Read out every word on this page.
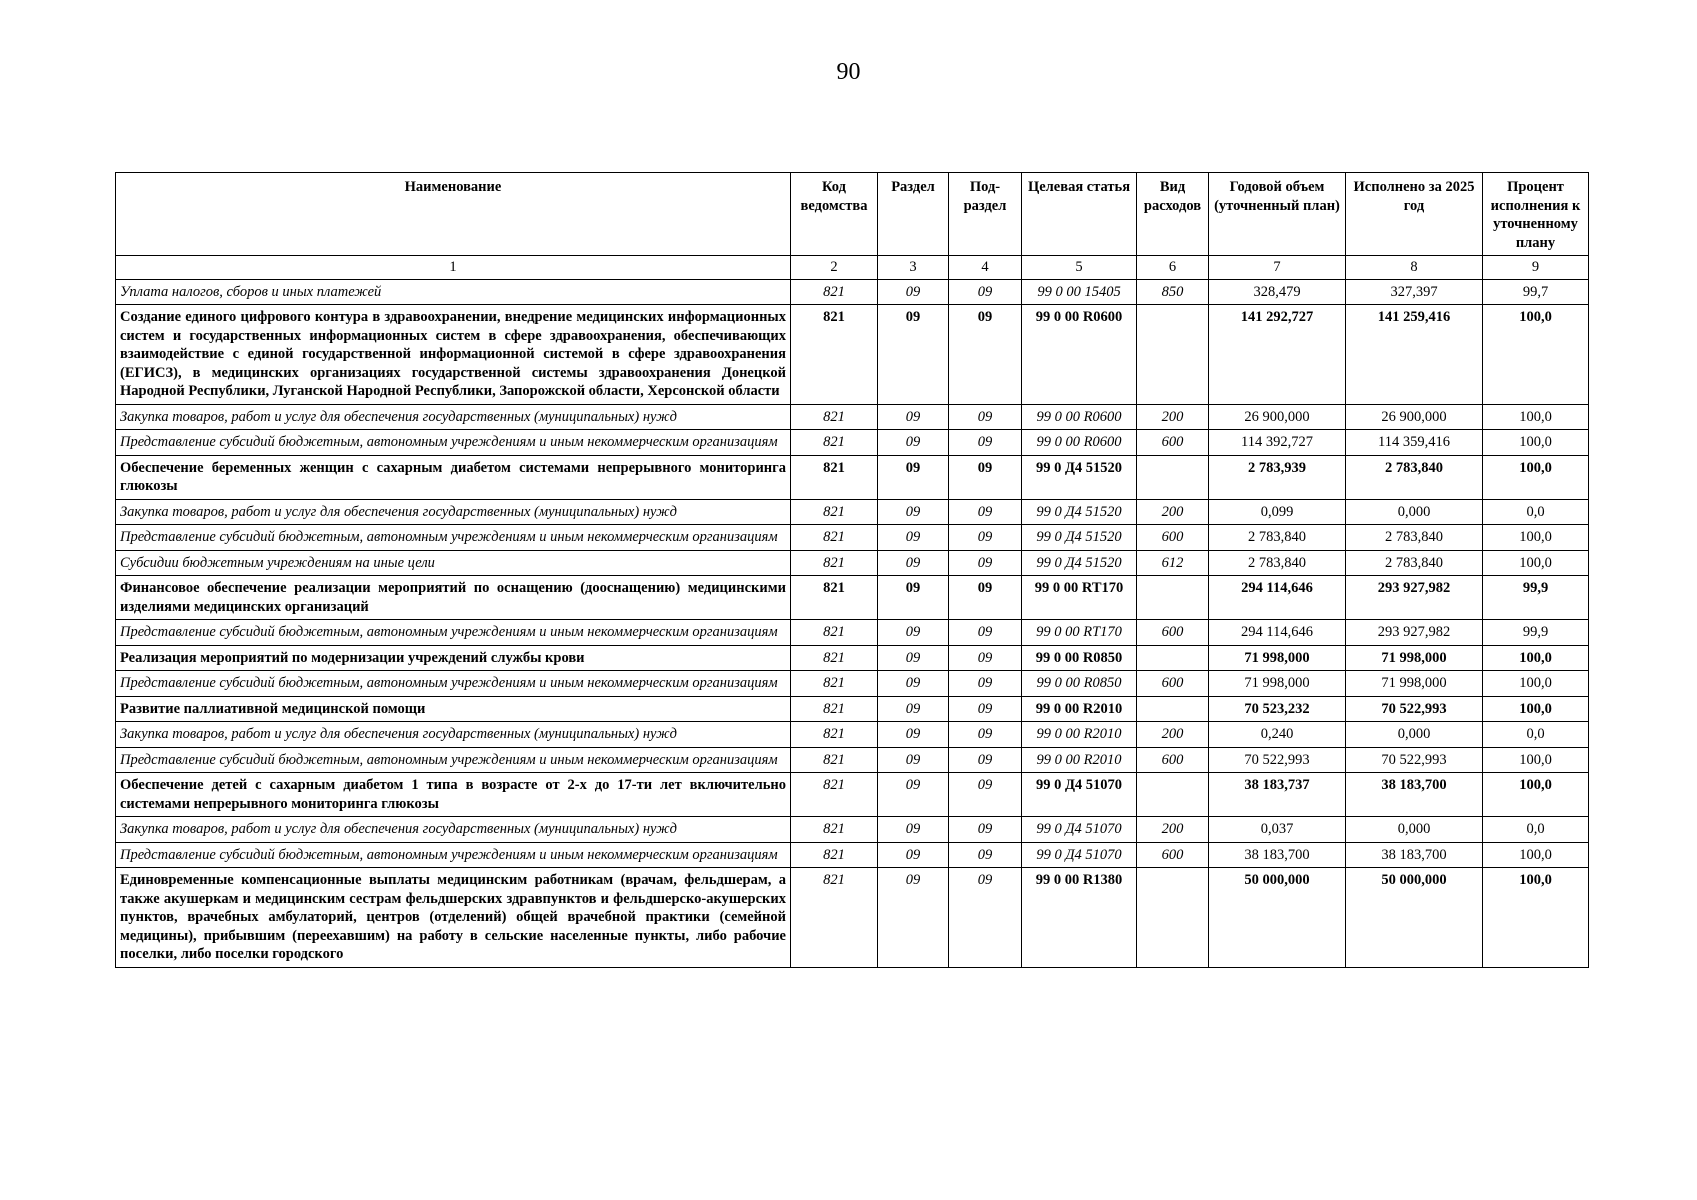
90
Наименование	Код ведомства	Раздел	Под-раздел	Целевая статья	Вид расходов	Годовой объем (уточненный план)	Исполнено за 2025 год	Процент исполнения к уточненному плану
1	2	3	4	5	6	7	8	9
Уплата налогов, сборов и иных платежей	821	09	09	99 0 00 15405	850	328,479	327,397	99,7
Создание единого цифрового контура в здравоохранении, внедрение медицинских информационных систем и государственных информационных систем в сфере здравоохранения, обеспечивающих взаимодействие с единой государственной информационной системой в сфере здравоохранения (ЕГИСЗ), в медицинских организациях государственной системы здравоохранения Донецкой Народной Республики, Луганской Народной Республики, Запорожской области, Херсонской области	821	09	09	99 0 00 R0600		141 292,727	141 259,416	100,0
Закупка товаров, работ и услуг для обеспечения государственных (муниципальных) нужд	821	09	09	99 0 00 R0600	200	26 900,000	26 900,000	100,0
Представление субсидий бюджетным, автономным учреждениям и иным некоммерческим организациям	821	09	09	99 0 00 R0600	600	114 392,727	114 359,416	100,0
Обеспечение беременных женщин с сахарным диабетом системами непрерывного мониторинга глюкозы	821	09	09	99 0 Д4 51520		2 783,939	2 783,840	100,0
Закупка товаров, работ и услуг для обеспечения государственных (муниципальных) нужд	821	09	09	99 0 Д4 51520	200	0,099	0,000	0,0
Представление субсидий бюджетным, автономным учреждениям и иным некоммерческим организациям	821	09	09	99 0 Д4 51520	600	2 783,840	2 783,840	100,0
Субсидии бюджетным учреждениям на иные цели	821	09	09	99 0 Д4 51520	612	2 783,840	2 783,840	100,0
Финансовое обеспечение реализации мероприятий по оснащению (дооснащению) медицинскими изделиями медицинских организаций	821	09	09	99 0 00 RT170		294 114,646	293 927,982	99,9
Представление субсидий бюджетным, автономным учреждениям и иным некоммерческим организациям	821	09	09	99 0 00 RT170	600	294 114,646	293 927,982	99,9
Реализация мероприятий по модернизации учреждений службы крови	821	09	09	99 0 00 R0850		71 998,000	71 998,000	100,0
Представление субсидий бюджетным, автономным учреждениям и иным некоммерческим организациям	821	09	09	99 0 00 R0850	600	71 998,000	71 998,000	100,0
Развитие паллиативной медицинской помощи	821	09	09	99 0 00 R2010		70 523,232	70 522,993	100,0
Закупка товаров, работ и услуг для обеспечения государственных (муниципальных) нужд	821	09	09	99 0 00 R2010	200	0,240	0,000	0,0
Представление субсидий бюджетным, автономным учреждениям и иным некоммерческим организациям	821	09	09	99 0 00 R2010	600	70 522,993	70 522,993	100,0
Обеспечение детей с сахарным диабетом 1 типа в возрасте от 2-х до 17-ти лет включительно системами непрерывного мониторинга глюкозы	821	09	09	99 0 Д4 51070		38 183,737	38 183,700	100,0
Закупка товаров, работ и услуг для обеспечения государственных (муниципальных) нужд	821	09	09	99 0 Д4 51070	200	0,037	0,000	0,0
Представление субсидий бюджетным, автономным учреждениям и иным некоммерческим организациям	821	09	09	99 0 Д4 51070	600	38 183,700	38 183,700	100,0
Единовременные компенсационные выплаты медицинским работникам (врачам, фельдшерам, а также акушеркам и медицинским сестрам фельдшерских здравпунктов и фельдшерско-акушерских пунктов, врачебных амбулаторий, центров (отделений) общей врачебной практики (семейной медицины), прибывшим (переехавшим) на работу в сельские населенные пункты, либо рабочие поселки, либо поселки городского	821	09	09	99 0 00 R1380		50 000,000	50 000,000	100,0
